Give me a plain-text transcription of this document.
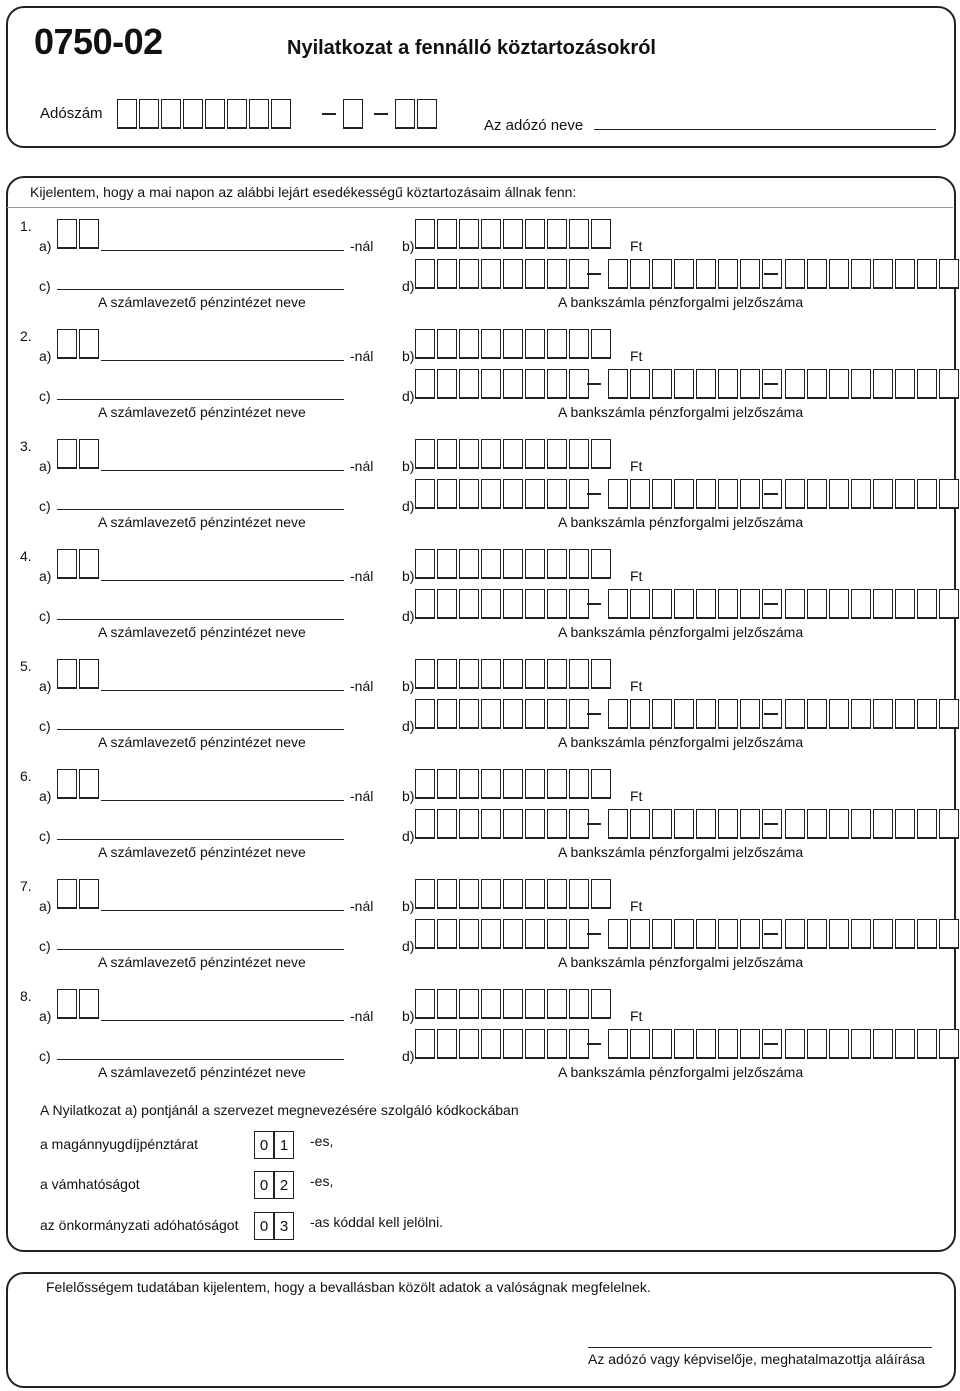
0750-02	Nyilatkozat a fennálló köztartozásokról
Adószám
Az adózó neve
Kijelentem, hogy a mai napon az alábbi lejárt esedékességű köztartozásaim állnak fenn:
1.
a)	-nál b)	Ft
c)
A számlavezető pénzintézet neve
d)
A bankszámla pénzforgalmi jelzőszáma
2.
a)	-nál b)	Ft
c)
A számlavezető pénzintézet neve
d)
A bankszámla pénzforgalmi jelzőszáma
3.
a)	-nál b)	Ft
c)
A számlavezető pénzintézet neve
d)
A bankszámla pénzforgalmi jelzőszáma
4.
a)	-nál b)	Ft
c)
A számlavezető pénzintézet neve
d)
A bankszámla pénzforgalmi jelzőszáma
5.
a)	-nál b)	Ft
c)
A számlavezető pénzintézet neve
d)
A bankszámla pénzforgalmi jelzőszáma
6.
a)	-nál b)	Ft
c)
A számlavezető pénzintézet neve
d)
A bankszámla pénzforgalmi jelzőszáma
7.
a)	-nál b)	Ft
c)
A számlavezető pénzintézet neve
d)
A bankszámla pénzforgalmi jelzőszáma
8.
a)	-nál b)	Ft
c)
A számlavezető pénzintézet neve
d)
A bankszámla pénzforgalmi jelzőszáma
A Nyilatkozat a) pontjánál a szervezet megnevezésére szolgáló kódkockában
a magánnyugdíjpénztárat	0 1	-es,
a vámhatóságot	0 2	-es,
az önkormányzati adóhatóságot	0 3	-as kóddal kell jelölni.
Felelősségem tudatában kijelentem, hogy a bevallásban közölt adatok a valóságnak megfelelnek.
Az adózó vagy képviselője, meghatalmazottja aláírása
